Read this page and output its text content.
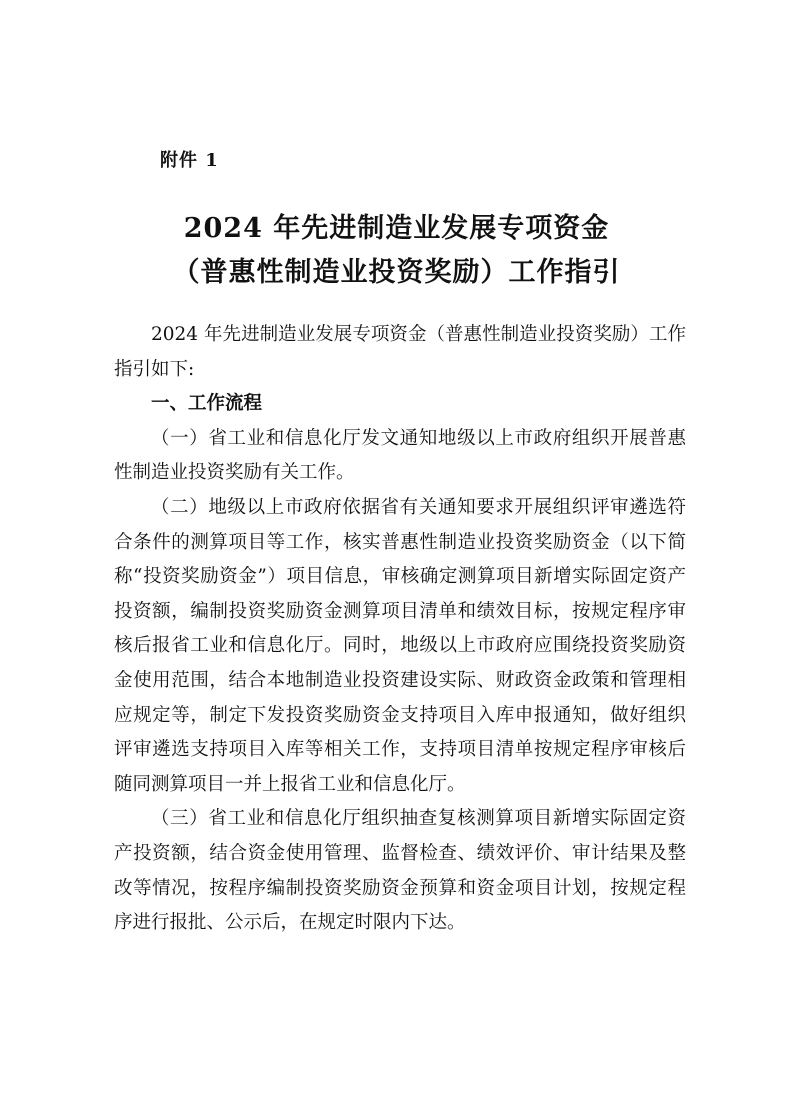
附件 1
2024 年先进制造业发展专项资金
（普惠性制造业投资奖励）工作指引

2024 年先进制造业发展专项资金（普惠性制造业投资奖励）工作指引如下:

一、工作流程

（一）省工业和信息化厅发文通知地级以上市政府组织开展普惠性制造业投资奖励有关工作。

（二）地级以上市政府依据省有关通知要求开展组织评审遴选符合条件的测算项目等工作，核实普惠性制造业投资奖励资金（以下简称“投资奖励资金”）项目信息，审核确定测算项目新增实际固定资产投资额，编制投资奖励资金测算项目清单和绩效目标，按规定程序审核后报省工业和信息化厅。同时，地级以上市政府应围绕投资奖励资金使用范围，结合本地制造业投资建设实际、财政资金政策和管理相应规定等，制定下发投资奖励资金支持项目入库申报通知，做好组织评审遴选支持项目入库等相关工作，支持项目清单按规定程序审核后随同测算项目一并上报省工业和信息化厅。

（三）省工业和信息化厅组织抽查复核测算项目新增实际固定资产投资额，结合资金使用管理、监督检查、绩效评价、审计结果及整改等情况，按程序编制投资奖励资金预算和资金项目计划，按规定程序进行报批、公示后，在规定时限内下达。
